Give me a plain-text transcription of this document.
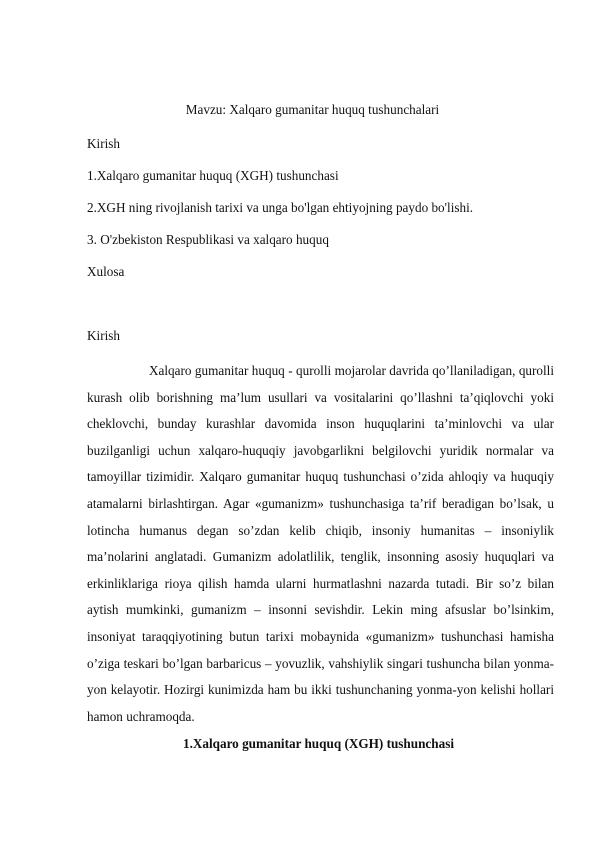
Mavzu: Xalqaro gumanitar huquq tushunchalari
Kirish
1.Xalqaro gumanitar huquq (XGH) tushunchasi
2.XGH ning rivojlanish tarixi va unga bo'lgan ehtiyojning paydo bo'lishi.
3. O'zbekiston Respublikasi va xalqaro huquq
Xulosa
Kirish
Xalqaro gumanitar huquq - qurolli mojarolar davrida qo’llaniladigan, qurolli kurash olib borishning ma’lum usullari va vositalarini qo’llashni ta’qiqlovchi yoki cheklovchi, bunday kurashlar davomida inson huquqlarini ta’minlovchi va ular buzilganligi uchun xalqaro-huquqiy javobgarlikni belgilovchi yuridik normalar va tamoyillar tizimidir. Xalqaro gumanitar huquq tushunchasi o’zida ahloqiy va huquqiy atamalarni birlashtirgan. Agar «gumanizm» tushunchasiga ta’rif beradigan bo’lsak, u lotincha humanus degan so’zdan kelib chiqib, insoniy humanitas – insoniylik ma’nolarini anglatadi. Gumanizm adolatlilik, tenglik, insonning asosiy huquqlari va erkinliklariga rioya qilish hamda ularni hurmatlashni nazarda tutadi. Bir so’z bilan aytish mumkinki, gumanizm – insonni sevishdir. Lekin ming afsuslar bo’lsinkim, insoniyat taraqqiyotining butun tarixi mobaynida «gumanizm» tushunchasi hamisha o’ziga teskari bo’lgan barbaricus – yovuzlik, vahshiylik singari tushuncha bilan yonma-yon kelayotir. Hozirgi kunimizda ham bu ikki tushunchaning yonma-yon kelishi hollari hamon uchramoqda.
1.Xalqaro gumanitar huquq (XGH) tushunchasi
